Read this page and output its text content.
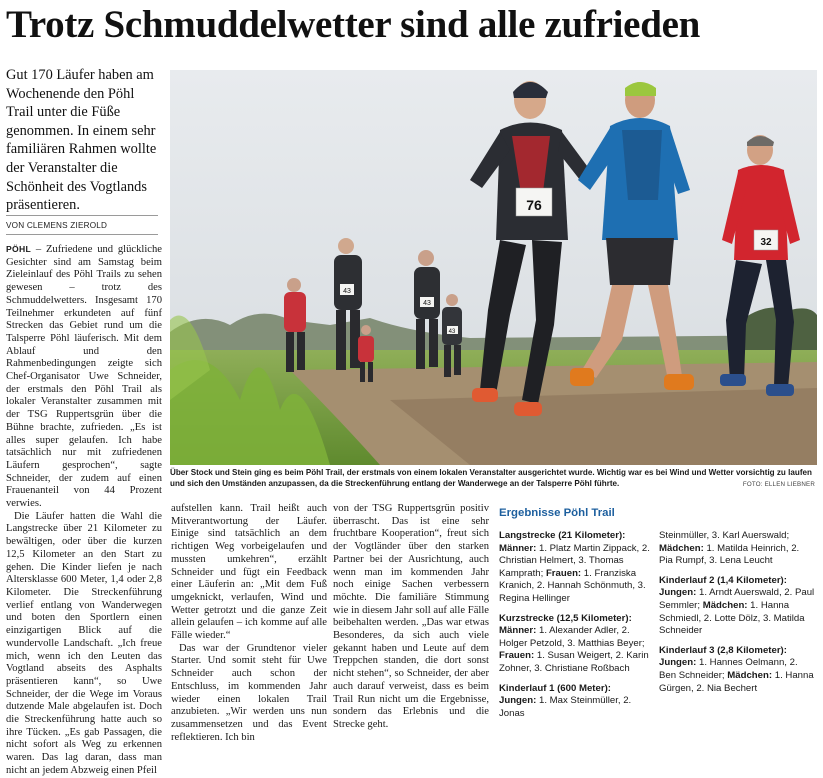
Trotz Schmuddelwetter sind alle zufrieden
Gut 170 Läufer haben am Wochenende den Pöhl Trail unter die Füße genommen. In einem sehr familiären Rahmen wollte der Veranstalter die Schönheit des Vogtlands präsentieren.
VON CLEMENS ZIEROLD

PÖHL – Zufriedene und glückliche Gesichter sind am Samstag beim Zieleinlauf des Pöhl Trails zu sehen gewesen – trotz des Schmuddelwetters. Insgesamt 170 Teilnehmer erkundeten auf fünf Strecken das Gebiet rund um die Talsperre Pöhl läuferisch. Mit dem Ablauf und den Rahmenbedingungen zeigte sich Chef-Organisator Uwe Schneider, der erstmals den Pöhl Trail als lokaler Veranstalter zusammen mit der TSG Ruppertsgrün über die Bühne brachte, zufrieden. „Es ist alles super gelaufen. Ich habe tatsächlich nur mit zufriedenen Läufern gesprochen“, sagte Schneider, der zudem auf einen Frauenanteil von 44 Prozent verwies.

Die Läufer hatten die Wahl die Langstrecke über 21 Kilometer zu bewältigen, oder über die kurzen 12,5 Kilometer an den Start zu gehen. Die Kinder liefen je nach Altersklasse 600 Meter, 1,4 oder 2,8 Kilometer. Die Streckenführung verlief entlang von Wanderwegen und boten den Sportlern einen einzigartigen Blick auf die wundervolle Landschaft. „Ich freue mich, wenn ich den Leuten das Vogtland abseits des Asphalts präsentieren kann“, so Uwe Schneider, der die Wege im Voraus dutzende Male abgelaufen ist. Doch die Streckenführung hatte auch so ihre Tücken. „Es gab Passagen, die nicht sofort als Weg zu erkennen waren. Das lag daran, dass man nicht an jedem Abzweig einen Pfeil

43
43
43
76
32
Über Stock und Stein ging es beim Pöhl Trail, der erstmals von einem lokalen Veranstalter ausgerichtet wurde. Wichtig war es bei Wind und Wetter vorsichtig zu laufen und sich den Umständen anzupassen, da die Streckenführung entlang der Wanderwege an der Talsperre Pöhl führte.	FOTO: ELLEN LIEBNER

aufstellen kann. Trail heißt auch Mitverantwortung der Läufer. Einige sind tatsächlich an dem richtigen Weg vorbeigelaufen und mussten umkehren“, erzählt Schneider und fügt ein Feedback einer Läuferin an: „Mit dem Fuß umgeknickt, verlaufen, Wind und Wetter getrotzt und die ganze Zeit allein gelaufen – ich komme auf alle Fälle wieder.“

Das war der Grundtenor vieler Starter. Und somit steht für Uwe Schneider auch schon der Entschluss, im kommenden Jahr wieder einen lokalen Trail anzubieten. „Wir werden uns nun zusammensetzen und das Event reflektieren. Ich bin

von der TSG Ruppertsgrün positiv überrascht. Das ist eine sehr fruchtbare Kooperation“, freut sich der Vogtländer über den starken Partner bei der Ausrichtung, auch wenn man im kommenden Jahr noch einige Sachen verbessern möchte. Die familiäre Stimmung wie in diesem Jahr soll auf alle Fälle beibehalten werden. „Das war etwas Besonderes, da sich auch viele gekannt haben und Leute auf dem Treppchen standen, die dort sonst nicht stehen“, so Schneider, der aber auch darauf verweist, dass es beim Trail Run nicht um die Ergebnisse, sondern das Erlebnis und die Strecke geht.

Ergebnisse Pöhl Trail
Langstrecke (21 Kilometer):
Männer: 1. Platz Martin Zippack, 2. Christian Helmert, 3. Thomas Kamprath; Frauen: 1. Franziska Kranich, 2. Hannah Schönmuth, 3. Regina Hellinger
Kurzstrecke (12,5 Kilometer):
Männer: 1. Alexander Adler, 2. Holger Petzold, 3. Matthias Beyer; Frauen: 1. Susan Weigert, 2. Karin Zohner, 3. Christiane Roßbach
Kinderlauf 1 (600 Meter):
Jungen: 1. Max Steinmüller, 2. Jonas
Steinmüller, 3. Karl Auerswald; Mädchen: 1. Matilda Heinrich, 2. Pia Rumpf, 3. Lena Leucht
Kinderlauf 2 (1,4 Kilometer):
Jungen: 1. Arndt Auerswald, 2. Paul Semmler; Mädchen: 1. Hanna Schmiedl, 2. Lotte Dölz, 3. Matilda Schneider
Kinderlauf 3 (2,8 Kilometer):
Jungen: 1. Hannes Oelmann, 2. Ben Schneider; Mädchen: 1. Hanna Gürgen, 2. Nia Bechert
